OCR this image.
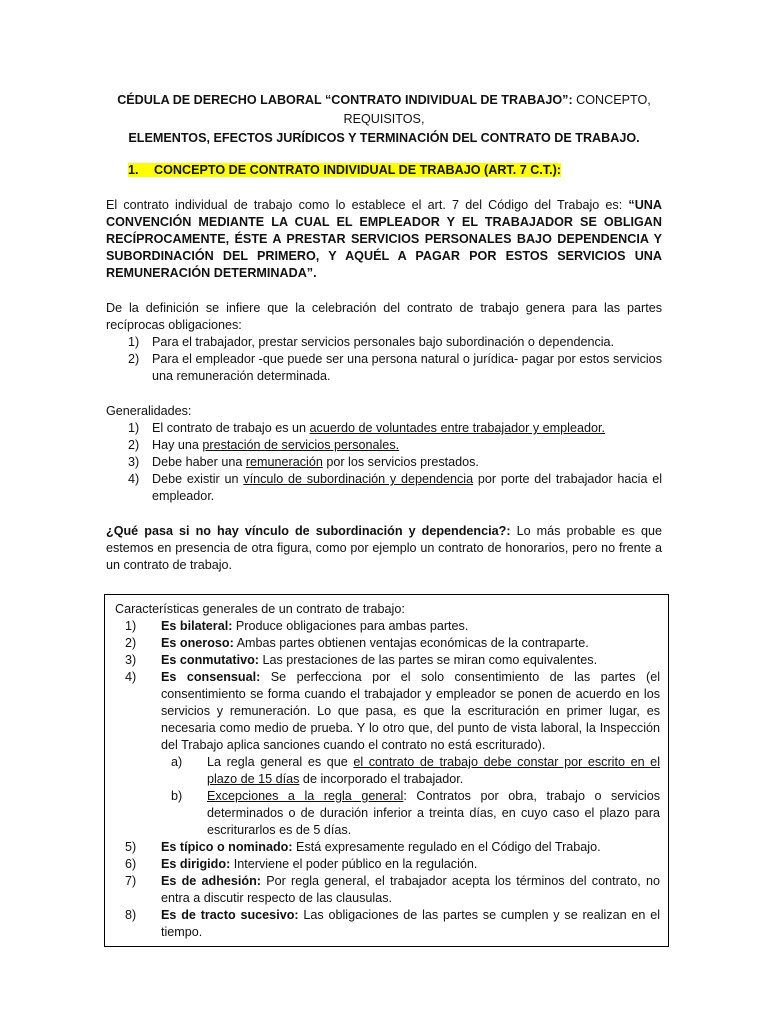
CÉDULA DE DERECHO LABORAL “CONTRATO INDIVIDUAL DE TRABAJO”: CONCEPTO, REQUISITOS,
ELEMENTOS, EFECTOS JURÍDICOS Y TERMINACIÓN DEL CONTRATO DE TRABAJO.
1. CONCEPTO DE CONTRATO INDIVIDUAL DE TRABAJO (ART. 7 C.T.):
El contrato individual de trabajo como lo establece el art. 7 del Código del Trabajo es: “UNA CONVENCIÓN MEDIANTE LA CUAL EL EMPLEADOR Y EL TRABAJADOR SE OBLIGAN RECÍPROCAMENTE, ÉSTE A PRESTAR SERVICIOS PERSONALES BAJO DEPENDENCIA Y SUBORDINACIÓN DEL PRIMERO, Y AQUÉL A PAGAR POR ESTOS SERVICIOS UNA REMUNERACIÓN DETERMINADA”.
De la definición se infiere que la celebración del contrato de trabajo genera para las partes recíprocas obligaciones:
1) Para el trabajador, prestar servicios personales bajo subordinación o dependencia.
2) Para el empleador -que puede ser una persona natural o jurídica- pagar por estos servicios una remuneración determinada.
Generalidades:
1) El contrato de trabajo es un acuerdo de voluntades entre trabajador y empleador.
2) Hay una prestación de servicios personales.
3) Debe haber una remuneración por los servicios prestados.
4) Debe existir un vínculo de subordinación y dependencia por porte del trabajador hacia el empleador.
¿Qué pasa si no hay vínculo de subordinación y dependencia?: Lo más probable es que estemos en presencia de otra figura, como por ejemplo un contrato de honorarios, pero no frente a un contrato de trabajo.
Características generales de un contrato de trabajo:
1) Es bilateral: Produce obligaciones para ambas partes.
2) Es oneroso: Ambas partes obtienen ventajas económicas de la contraparte.
3) Es conmutativo: Las prestaciones de las partes se miran como equivalentes.
4) Es consensual: Se perfecciona por el solo consentimiento de las partes (el consentimiento se forma cuando el trabajador y empleador se ponen de acuerdo en los servicios y remuneración. Lo que pasa, es que la escrituración en primer lugar, es necesaria como medio de prueba. Y lo otro que, del punto de vista laboral, la Inspección del Trabajo aplica sanciones cuando el contrato no está escriturado).
a) La regla general es que el contrato de trabajo debe constar por escrito en el plazo de 15 días de incorporado el trabajador.
b) Excepciones a la regla general: Contratos por obra, trabajo o servicios determinados o de duración inferior a treinta días, en cuyo caso el plazo para escriturarlos es de 5 días.
5) Es típico o nominado: Está expresamente regulado en el Código del Trabajo.
6) Es dirigido: Interviene el poder público en la regulación.
7) Es de adhesión: Por regla general, el trabajador acepta los términos del contrato, no entra a discutir respecto de las clausulas.
8) Es de tracto sucesivo: Las obligaciones de las partes se cumplen y se realizan en el tiempo.
